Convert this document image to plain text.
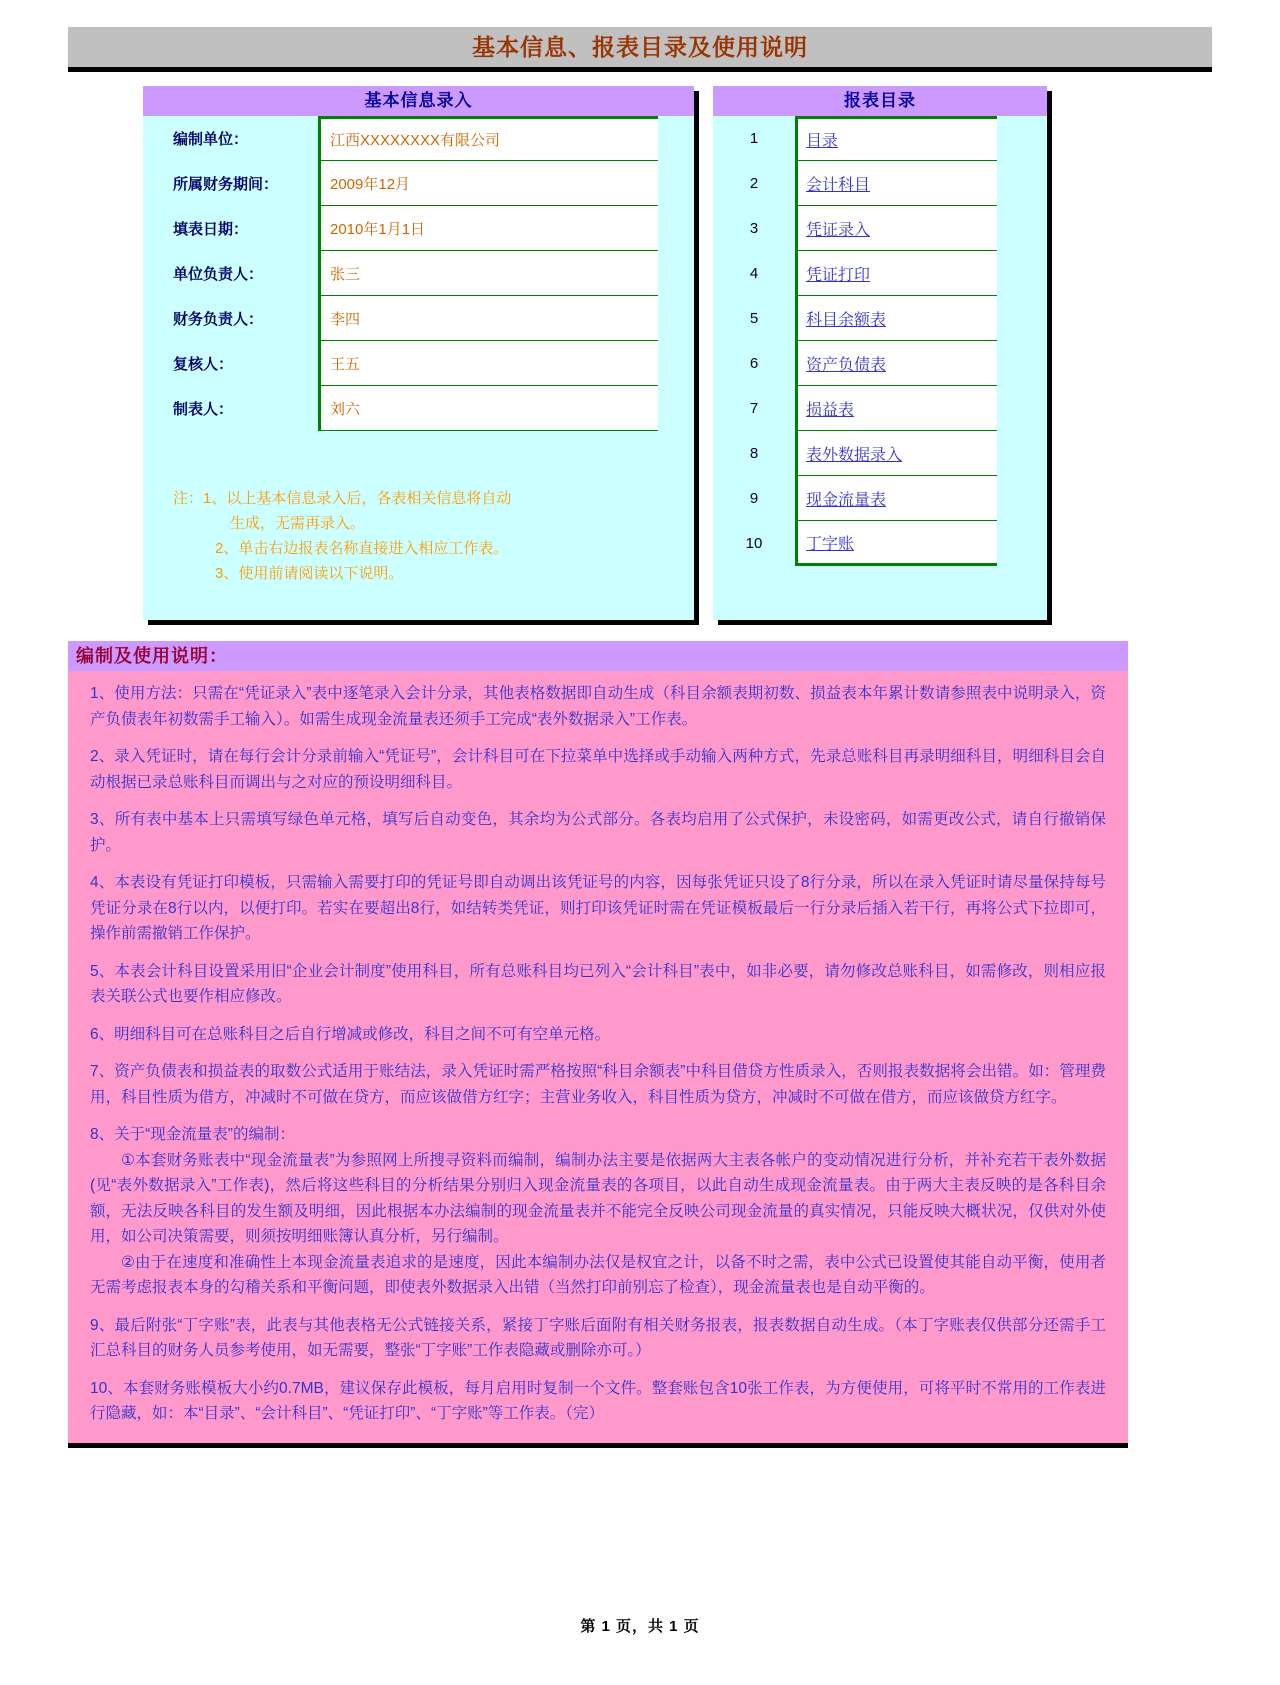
基本信息、报表目录及使用说明
基本信息录入
编制单位：	江西XXXXXXXX有限公司
所属财务期间：	2009年12月
填表日期：	2010年1月1日
单位负责人：	张三
财务负责人：	李四
复核人：	王五
制表人：	刘六
注：1、以上基本信息录入后，各表相关信息将自动
生成，无需再录入。
2、单击右边报表名称直接进入相应工作表。
3、使用前请阅读以下说明。
报表目录
1	目录
2	会计科目
3	凭证录入
4	凭证打印
5	科目余额表
6	资产负债表
7	损益表
8	表外数据录入
9	现金流量表
10	丁字账
编制及使用说明：

1、使用方法：只需在“凭证录入”表中逐笔录入会计分录，其他表格数据即自动生成（科目余额表期初数、损益表本年累计数请参照表中说明录入，资产负债表年初数需手工输入）。如需生成现金流量表还须手工完成“表外数据录入”工作表。

2、录入凭证时，请在每行会计分录前输入“凭证号”，会计科目可在下拉菜单中选择或手动输入两种方式，先录总账科目再录明细科目，明细科目会自动根据已录总账科目而调出与之对应的预设明细科目。

3、所有表中基本上只需填写绿色单元格，填写后自动变色，其余均为公式部分。各表均启用了公式保护，未设密码，如需更改公式，请自行撤销保护。

4、本表设有凭证打印模板，只需输入需要打印的凭证号即自动调出该凭证号的内容，因每张凭证只设了8行分录，所以在录入凭证时请尽量保持每号凭证分录在8行以内，以便打印。若实在要超出8行，如结转类凭证，则打印该凭证时需在凭证模板最后一行分录后插入若干行，再将公式下拉即可，操作前需撤销工作保护。

5、本表会计科目设置采用旧“企业会计制度”使用科目，所有总账科目均已列入“会计科目”表中，如非必要，请勿修改总账科目，如需修改，则相应报表关联公式也要作相应修改。

6、明细科目可在总账科目之后自行增减或修改，科目之间不可有空单元格。

7、资产负债表和损益表的取数公式适用于账结法，录入凭证时需严格按照“科目余额表”中科目借贷方性质录入，否则报表数据将会出错。如：管理费用，科目性质为借方，冲减时不可做在贷方，而应该做借方红字；主营业务收入，科目性质为贷方，冲减时不可做在借方，而应该做贷方红字。

8、关于“现金流量表”的编制：
①本套财务账表中“现金流量表”为参照网上所搜寻资料而编制，编制办法主要是依据两大主表各帐户的变动情况进行分析，并补充若干表外数据(见“表外数据录入”工作表)，然后将这些科目的分析结果分别归入现金流量表的各项目，以此自动生成现金流量表。由于两大主表反映的是各科目余额，无法反映各科目的发生额及明细，因此根据本办法编制的现金流量表并不能完全反映公司现金流量的真实情况，只能反映大概状况，仅供对外使用，如公司决策需要，则须按明细账簿认真分析，另行编制。
②由于在速度和准确性上本现金流量表追求的是速度，因此本编制办法仅是权宜之计，以备不时之需，表中公式已设置使其能自动平衡，使用者无需考虑报表本身的勾稽关系和平衡问题，即使表外数据录入出错（当然打印前别忘了检查），现金流量表也是自动平衡的。

9、最后附张“丁字账”表，此表与其他表格无公式链接关系，紧接丁字账后面附有相关财务报表，报表数据自动生成。（本丁字账表仅供部分还需手工汇总科目的财务人员参考使用，如无需要，整张“丁字账”工作表隐藏或删除亦可。）

10、本套财务账模板大小约0.7MB，建议保存此模板，每月启用时复制一个文件。整套账包含10张工作表，为方便使用，可将平时不常用的工作表进行隐藏，如：本“目录”、“会计科目”、“凭证打印”、“丁字账”等工作表。（完）

第 1 页，共 1 页
